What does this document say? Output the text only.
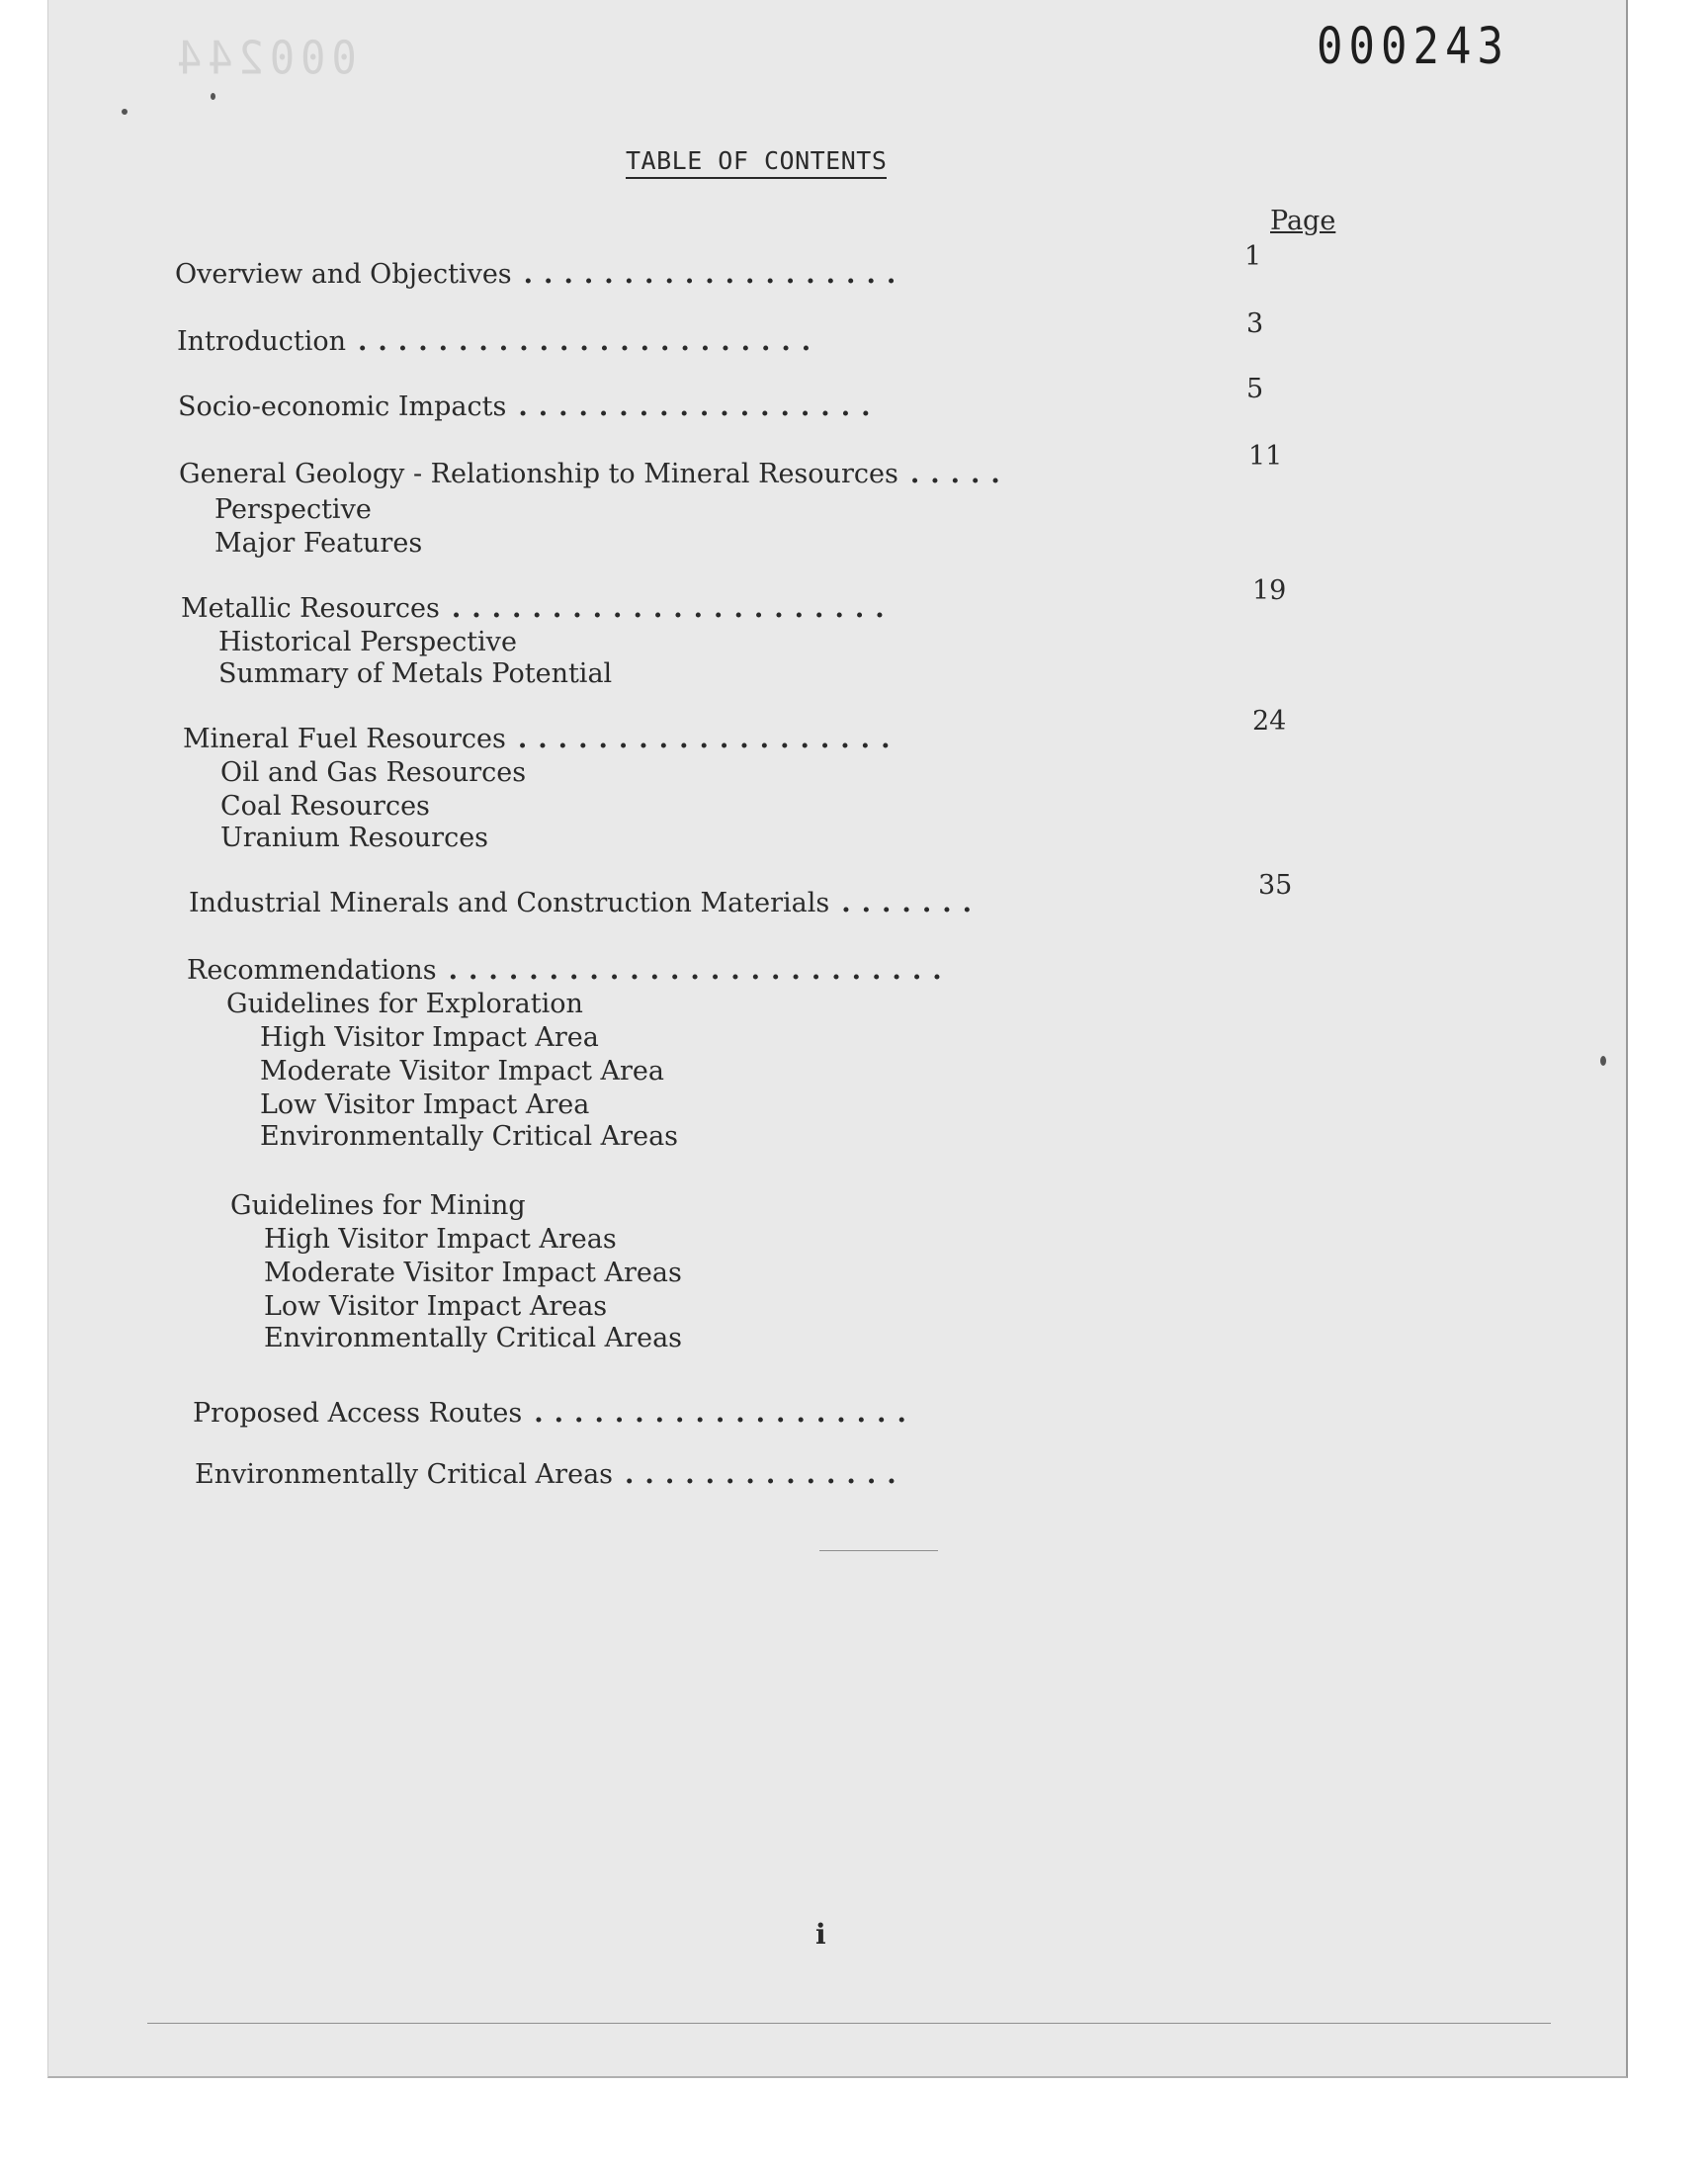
000244	000243
TABLE OF CONTENTS
Page
Overview and Objectives ...................
1
Introduction .......................
3
Socio-economic Impacts ..................
5
General Geology - Relationship to Mineral Resources .....
11
Perspective
Major Features
Metallic Resources ......................
19
Historical Perspective
Summary of Metals Potential
Mineral Fuel Resources ...................
24
Oil and Gas Resources
Coal Resources
Uranium Resources
Industrial Minerals and Construction Materials .......
35
Recommendations .........................
Guidelines for Exploration
High Visitor Impact Area
Moderate Visitor Impact Area
Low Visitor Impact Area
Environmentally Critical Areas
Guidelines for Mining
High Visitor Impact Areas
Moderate Visitor Impact Areas
Low Visitor Impact Areas
Environmentally Critical Areas
Proposed Access Routes ...................
Environmentally Critical Areas ..............
i
